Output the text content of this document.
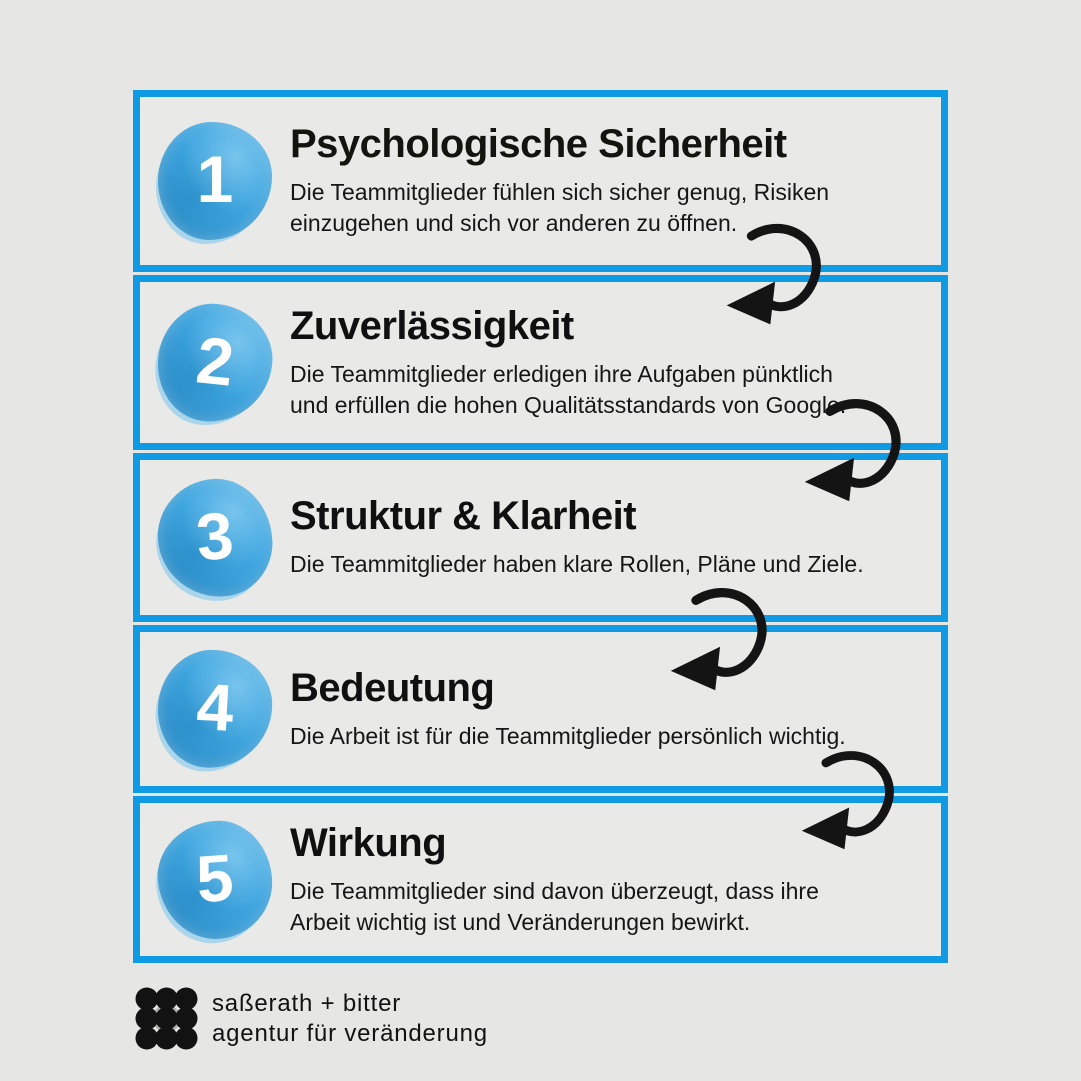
1 Psychologische Sicherheit
Die Teammitglieder fühlen sich sicher genug, Risiken
einzugehen und sich vor anderen zu öffnen.
2 Zuverlässigkeit
Die Teammitglieder erledigen ihre Aufgaben pünktlich
und erfüllen die hohen Qualitätsstandards von Google.
3 Struktur & Klarheit
Die Teammitglieder haben klare Rollen, Pläne und Ziele.
4 Bedeutung
Die Arbeit ist für die Teammitglieder persönlich wichtig.
5 Wirkung
Die Teammitglieder sind davon überzeugt, dass ihre
Arbeit wichtig ist und Veränderungen bewirkt.
saßerath + bitter
agentur für veränderung
